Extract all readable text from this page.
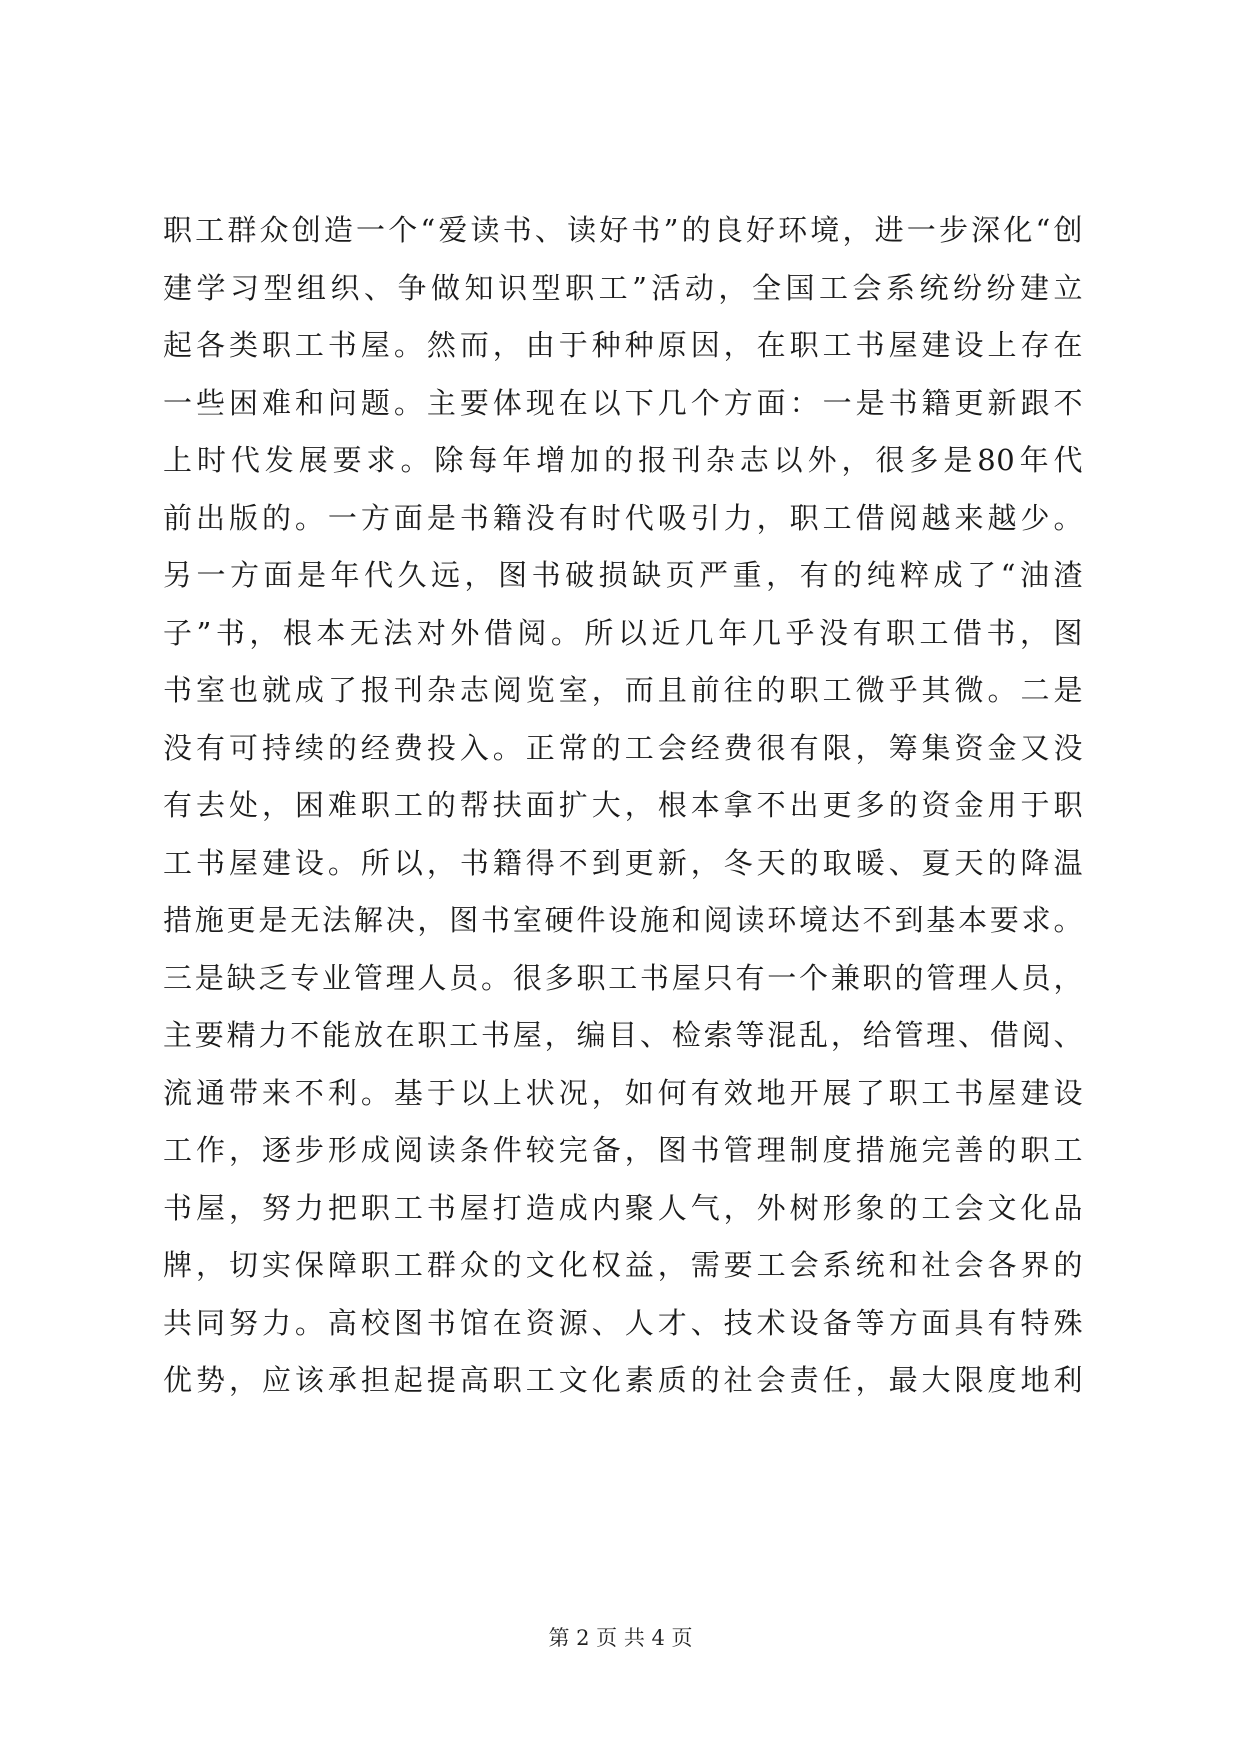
职工群众创造一个“爱读书、读好书”的良好环境，进一步深化“创
建学习型组织、争做知识型职工”活动，全国工会系统纷纷建立
起各类职工书屋。然而，由于种种原因，在职工书屋建设上存在
一些困难和问题。主要体现在以下几个方面：一是书籍更新跟不
上时代发展要求。除每年增加的报刊杂志以外，很多是80年代
前出版的。一方面是书籍没有时代吸引力，职工借阅越来越少。
另一方面是年代久远，图书破损缺页严重，有的纯粹成了“油渣
子”书，根本无法对外借阅。所以近几年几乎没有职工借书，图
书室也就成了报刊杂志阅览室，而且前往的职工微乎其微。二是
没有可持续的经费投入。正常的工会经费很有限，筹集资金又没
有去处，困难职工的帮扶面扩大，根本拿不出更多的资金用于职
工书屋建设。所以，书籍得不到更新，冬天的取暖、夏天的降温
措施更是无法解决，图书室硬件设施和阅读环境达不到基本要求。
三是缺乏专业管理人员。很多职工书屋只有一个兼职的管理人员，
主要精力不能放在职工书屋，编目、检索等混乱，给管理、借阅、
流通带来不利。基于以上状况，如何有效地开展了职工书屋建设
工作，逐步形成阅读条件较完备，图书管理制度措施完善的职工
书屋，努力把职工书屋打造成内聚人气，外树形象的工会文化品
牌，切实保障职工群众的文化权益，需要工会系统和社会各界的
共同努力。高校图书馆在资源、人才、技术设备等方面具有特殊
优势，应该承担起提高职工文化素质的社会责任，最大限度地利
第 2 页 共 4 页
